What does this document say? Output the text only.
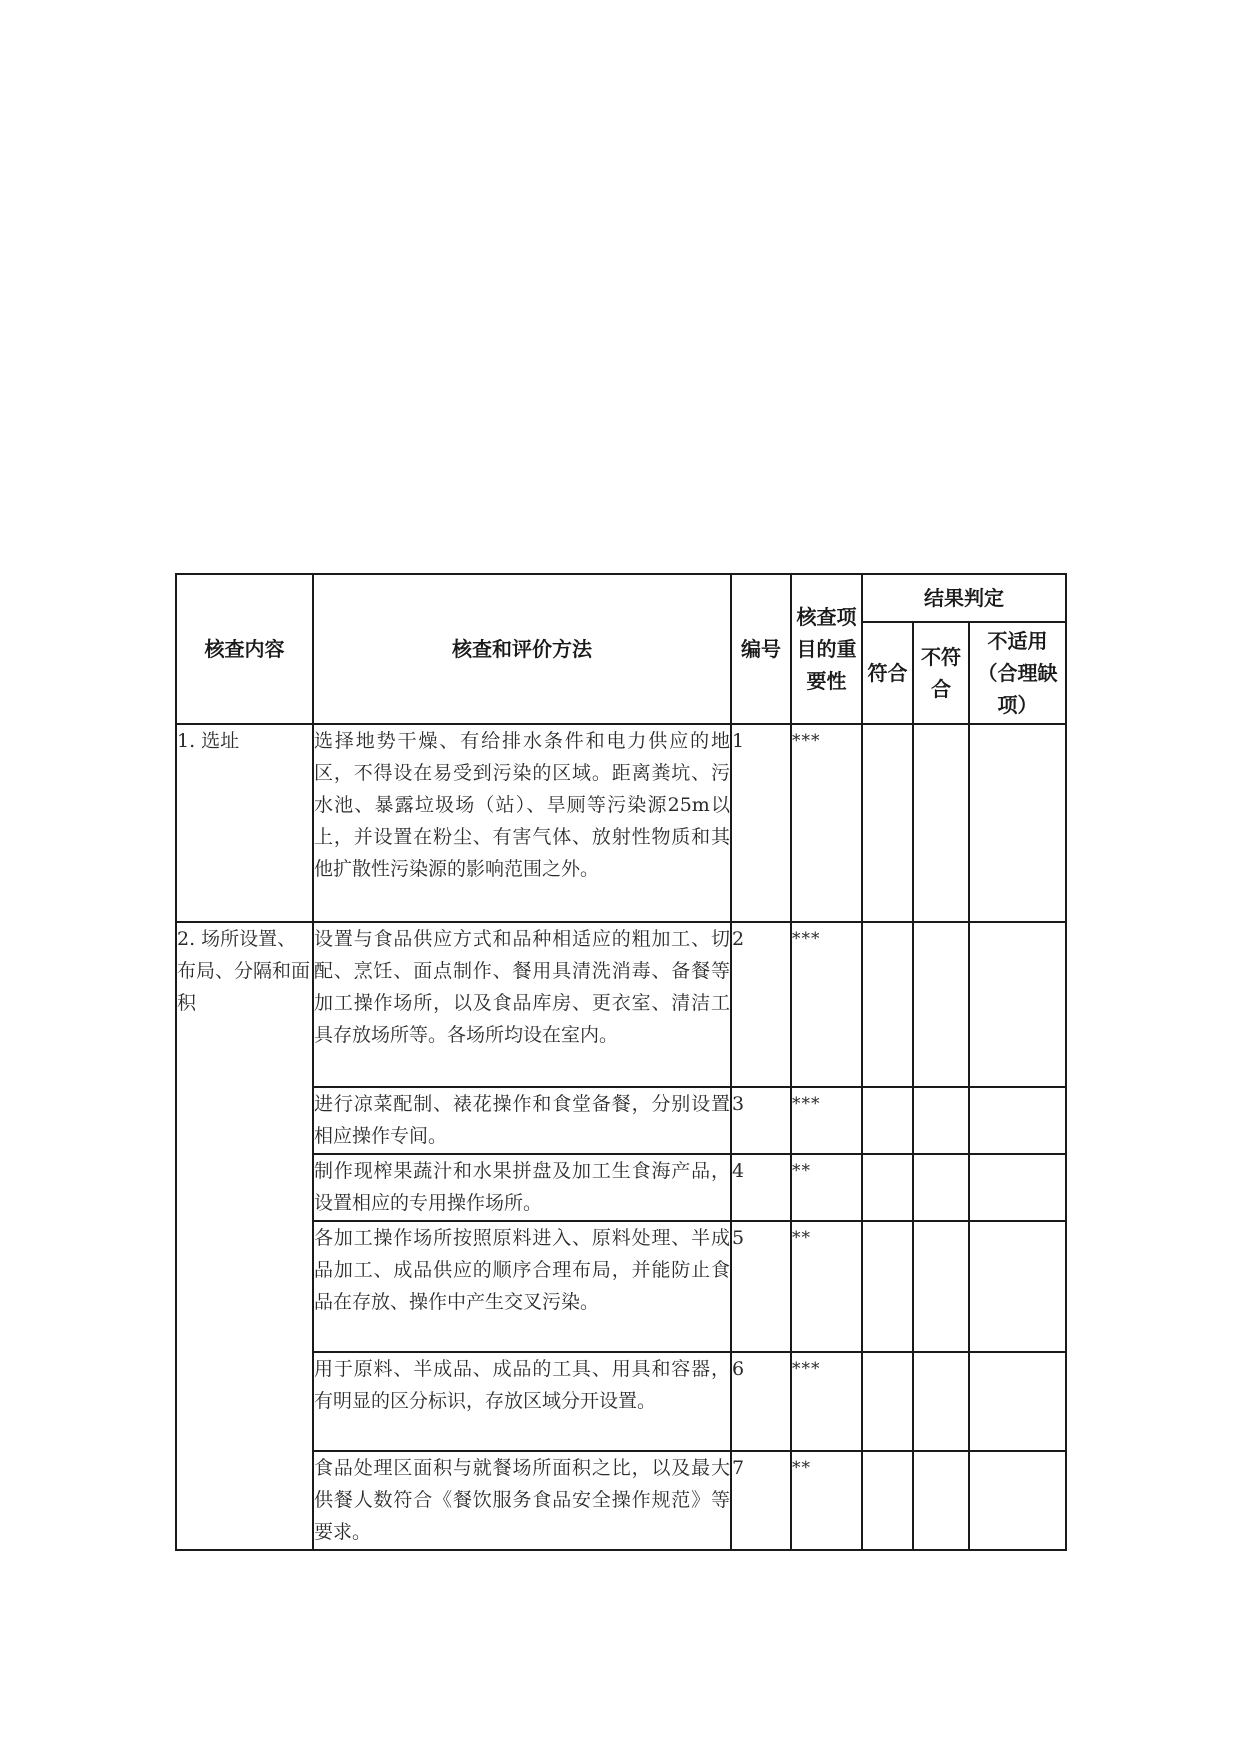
核查内容	核查和评价方法	编号	核查项目的重要性	结果判定		
				符合	不符合	不适用（合理缺项）
1. 选址	选择地势干燥、有给排水条件和电力供应的地区，不得设在易受到污染的区域。距离粪坑、污水池、暴露垃圾场（站）、旱厕等污染源25m以上，并设置在粉尘、有害气体、放射性物质和其他扩散性污染源的影响范围之外。	1	***			
2. 场所设置、布局、分隔和面积	设置与食品供应方式和品种相适应的粗加工、切配、烹饪、面点制作、餐用具清洗消毒、备餐等加工操作场所，以及食品库房、更衣室、清洁工具存放场所等。各场所均设在室内。	2	***			
	进行凉菜配制、裱花操作和食堂备餐，分别设置相应操作专间。	3	***			
	制作现榨果蔬汁和水果拼盘及加工生食海产品，设置相应的专用操作场所。	4	**			
	各加工操作场所按照原料进入、原料处理、半成品加工、成品供应的顺序合理布局，并能防止食品在存放、操作中产生交叉污染。	5	**			
	用于原料、半成品、成品的工具、用具和容器，有明显的区分标识，存放区域分开设置。	6	***			
	食品处理区面积与就餐场所面积之比，以及最大供餐人数符合《餐饮服务食品安全操作规范》等要求。	7	**			
